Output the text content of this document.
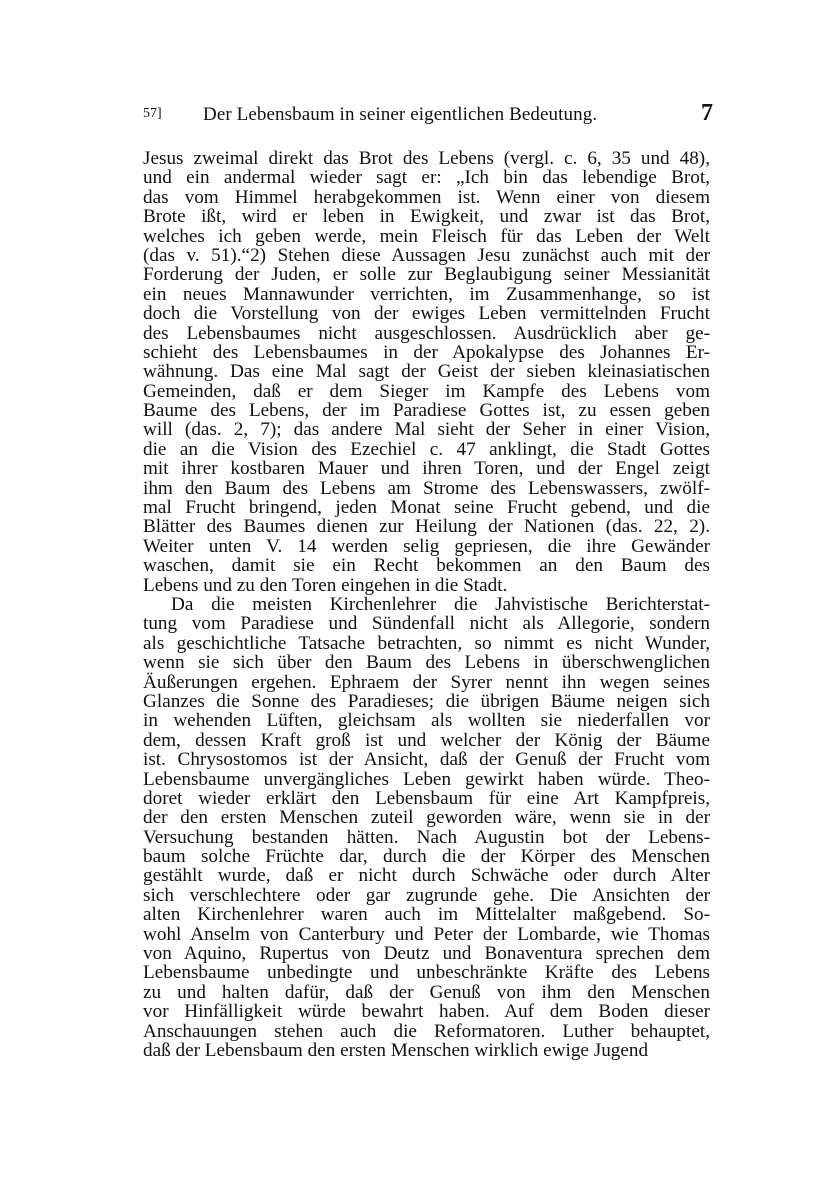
57] Der Lebensbaum in seiner eigentlichen Bedeutung.	7
Jesus zweimal direkt das Brot des Lebens (vergl. c. 6, 35 und 48),
und ein andermal wieder sagt er: „Ich bin das lebendige Brot,
das vom Himmel herabgekommen ist. Wenn einer von diesem
Brote ißt, wird er leben in Ewigkeit, und zwar ist das Brot,
welches ich geben werde, mein Fleisch für das Leben der Welt
(das v. 51).“2) Stehen diese Aussagen Jesu zunächst auch mit der
Forderung der Juden, er solle zur Beglaubigung seiner Messianität
ein neues Mannawunder verrichten, im Zusammenhange, so ist
doch die Vorstellung von der ewiges Leben vermittelnden Frucht
des Lebensbaumes nicht ausgeschlossen. Ausdrücklich aber ge-
schieht des Lebensbaumes in der Apokalypse des Johannes Er-
wähnung. Das eine Mal sagt der Geist der sieben kleinasiatischen
Gemeinden, daß er dem Sieger im Kampfe des Lebens vom
Baume des Lebens, der im Paradiese Gottes ist, zu essen geben
will (das. 2, 7); das andere Mal sieht der Seher in einer Vision,
die an die Vision des Ezechiel c. 47 anklingt, die Stadt Gottes
mit ihrer kostbaren Mauer und ihren Toren, und der Engel zeigt
ihm den Baum des Lebens am Strome des Lebenswassers, zwölf-
mal Frucht bringend, jeden Monat seine Frucht gebend, und die
Blätter des Baumes dienen zur Heilung der Nationen (das. 22, 2).
Weiter unten V. 14 werden selig gepriesen, die ihre Gewänder
waschen, damit sie ein Recht bekommen an den Baum des
Lebens und zu den Toren eingehen in die Stadt.
Da die meisten Kirchenlehrer die Jahvistische Berichterstat-
tung vom Paradiese und Sündenfall nicht als Allegorie, sondern
als geschichtliche Tatsache betrachten, so nimmt es nicht Wunder,
wenn sie sich über den Baum des Lebens in überschwenglichen
Äußerungen ergehen. Ephraem der Syrer nennt ihn wegen seines
Glanzes die Sonne des Paradieses; die übrigen Bäume neigen sich
in wehenden Lüften, gleichsam als wollten sie niederfallen vor
dem, dessen Kraft groß ist und welcher der König der Bäume
ist. Chrysostomos ist der Ansicht, daß der Genuß der Frucht vom
Lebensbaume unvergängliches Leben gewirkt haben würde. Theo-
doret wieder erklärt den Lebensbaum für eine Art Kampfpreis,
der den ersten Menschen zuteil geworden wäre, wenn sie in der
Versuchung bestanden hätten. Nach Augustin bot der Lebens-
baum solche Früchte dar, durch die der Körper des Menschen
gestählt wurde, daß er nicht durch Schwäche oder durch Alter
sich verschlechtere oder gar zugrunde gehe. Die Ansichten der
alten Kirchenlehrer waren auch im Mittelalter maßgebend. So-
wohl Anselm von Canterbury und Peter der Lombarde, wie Thomas
von Aquino, Rupertus von Deutz und Bonaventura sprechen dem
Lebensbaume unbedingte und unbeschränkte Kräfte des Lebens
zu und halten dafür, daß der Genuß von ihm den Menschen
vor Hinfälligkeit würde bewahrt haben. Auf dem Boden dieser
Anschauungen stehen auch die Reformatoren. Luther behauptet,
daß der Lebensbaum den ersten Menschen wirklich ewige Jugend
